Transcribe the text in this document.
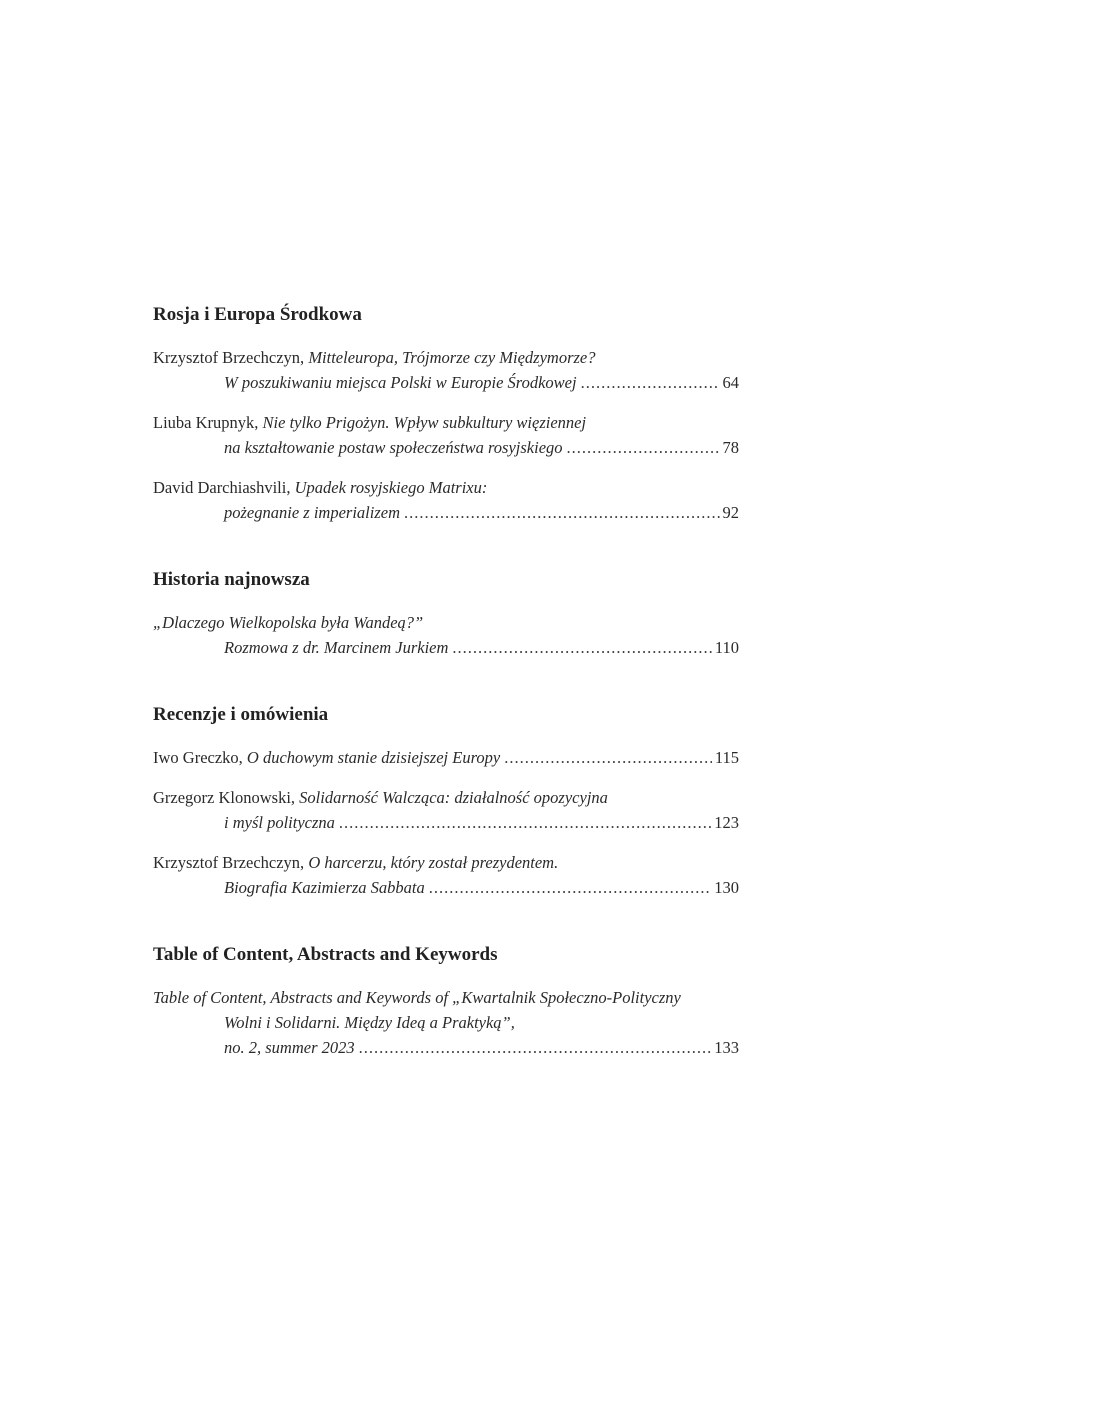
Rosja i Europa Środkowa
Krzysztof Brzechczyn, Mitteleuropa, Trójmorze czy Międzymorze?
W poszukiwaniu miejsca Polski w Europie Środkowej .....	64
Liuba Krupnyk, Nie tylko Prigożyn. Wpływ subkultury więziennej
na kształtowanie postaw społeczeństwa rosyjskiego .....	78
David Darchiashvili, Upadek rosyjskiego Matrixu:
pożegnanie z imperializem .....	92
Historia najnowsza
„Dlaczego Wielkopolska była Wandeą?”
Rozmowa z dr. Marcinem Jurkiem .....	110
Recenzje i omówienia
Iwo Greczko, O duchowym stanie dzisiejszej Europy .....	115
Grzegorz Klonowski, Solidarność Walcząca: działalność opozycyjna
i myśl polityczna .....	123
Krzysztof Brzechczyn, O harcerzu, który został prezydentem.
Biografia Kazimierza Sabbata .....	130
Table of Content, Abstracts and Keywords
Table of Content, Abstracts and Keywords of „Kwartalnik Społeczno-Polityczny
Wolni i Solidarni. Między Ideą a Praktyką”,
no. 2, summer 2023 .....	133
